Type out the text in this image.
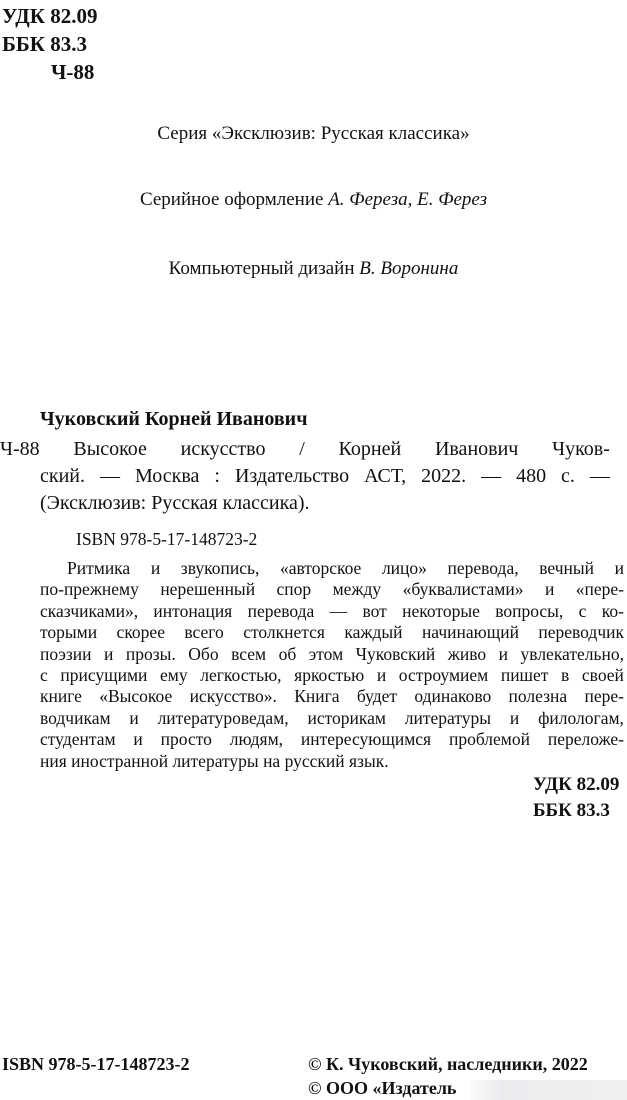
УДК 82.09
ББК 83.3
Ч-88
Серия «Эксклюзив: Русская классика»
Серийное оформление А. Фереза, Е. Ферез
Компьютерный дизайн В. Воронина
Чуковский Корней Иванович
Ч-88 Высокое искусство / Корней Иванович Чуков-
ский. — Москва : Издательство АСТ, 2022. — 480 с. —
(Эксклюзив: Русская классика).
ISBN 978-5-17-148723-2
Ритмика и звукопись, «авторское лицо» перевода, вечный и
по-прежнему нерешенный спор между «буквалистами» и «пере-
сказчиками», интонация перевода — вот некоторые вопросы, с ко-
торыми скорее всего столкнется каждый начинающий переводчик
поэзии и прозы. Обо всем об этом Чуковский живо и увлекательно,
с присущими ему легкостью, яркостью и остроумием пишет в своей
книге «Высокое искусство». Книга будет одинаково полезна пере-
водчикам и литературоведам, историкам литературы и филологам,
студентам и просто людям, интересующимся проблемой переложе-
ния иностранной литературы на русский язык.
УДК 82.09
ББК 83.3
ISBN 978-5-17-148723-2	© К. Чуковский, наследники, 2022
© ООО «Издатель
